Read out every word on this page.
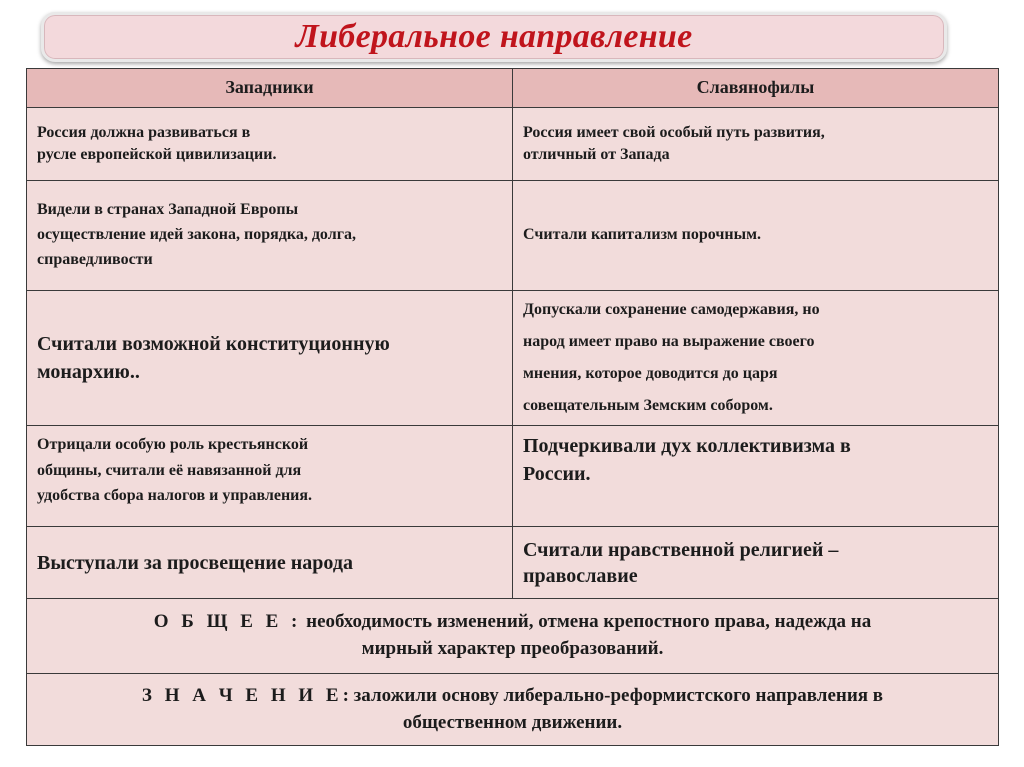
Либеральное направление
Западники	Славянофилы

Россия должна развиваться в
русле европейской цивилизации.	Россия имеет свой особый путь развития,
отличный от Запада

Видели в странах Западной Европы
осуществление идей закона, порядка, долга,
справедливости	Считали капитализм порочным.

Считали возможной конституционную
монархию..	Допускали сохранение самодержавия, но
народ имеет право на выражение своего
мнения, которое доводится до царя
совещательным Земским собором.

Отрицали особую роль крестьянской
общины, считали её навязанной для
удобства сбора налогов и управления.	Подчеркивали дух коллективизма в
России.

Выступали за просвещение народа	Считали нравственной религией –
православие

О Б Щ Е Е : необходимость изменений, отмена крепостного права, надежда на
мирный характер преобразований.	

З Н А Ч Е Н И Е: заложили основу либерально-реформистского направления в
общественном движении.	
